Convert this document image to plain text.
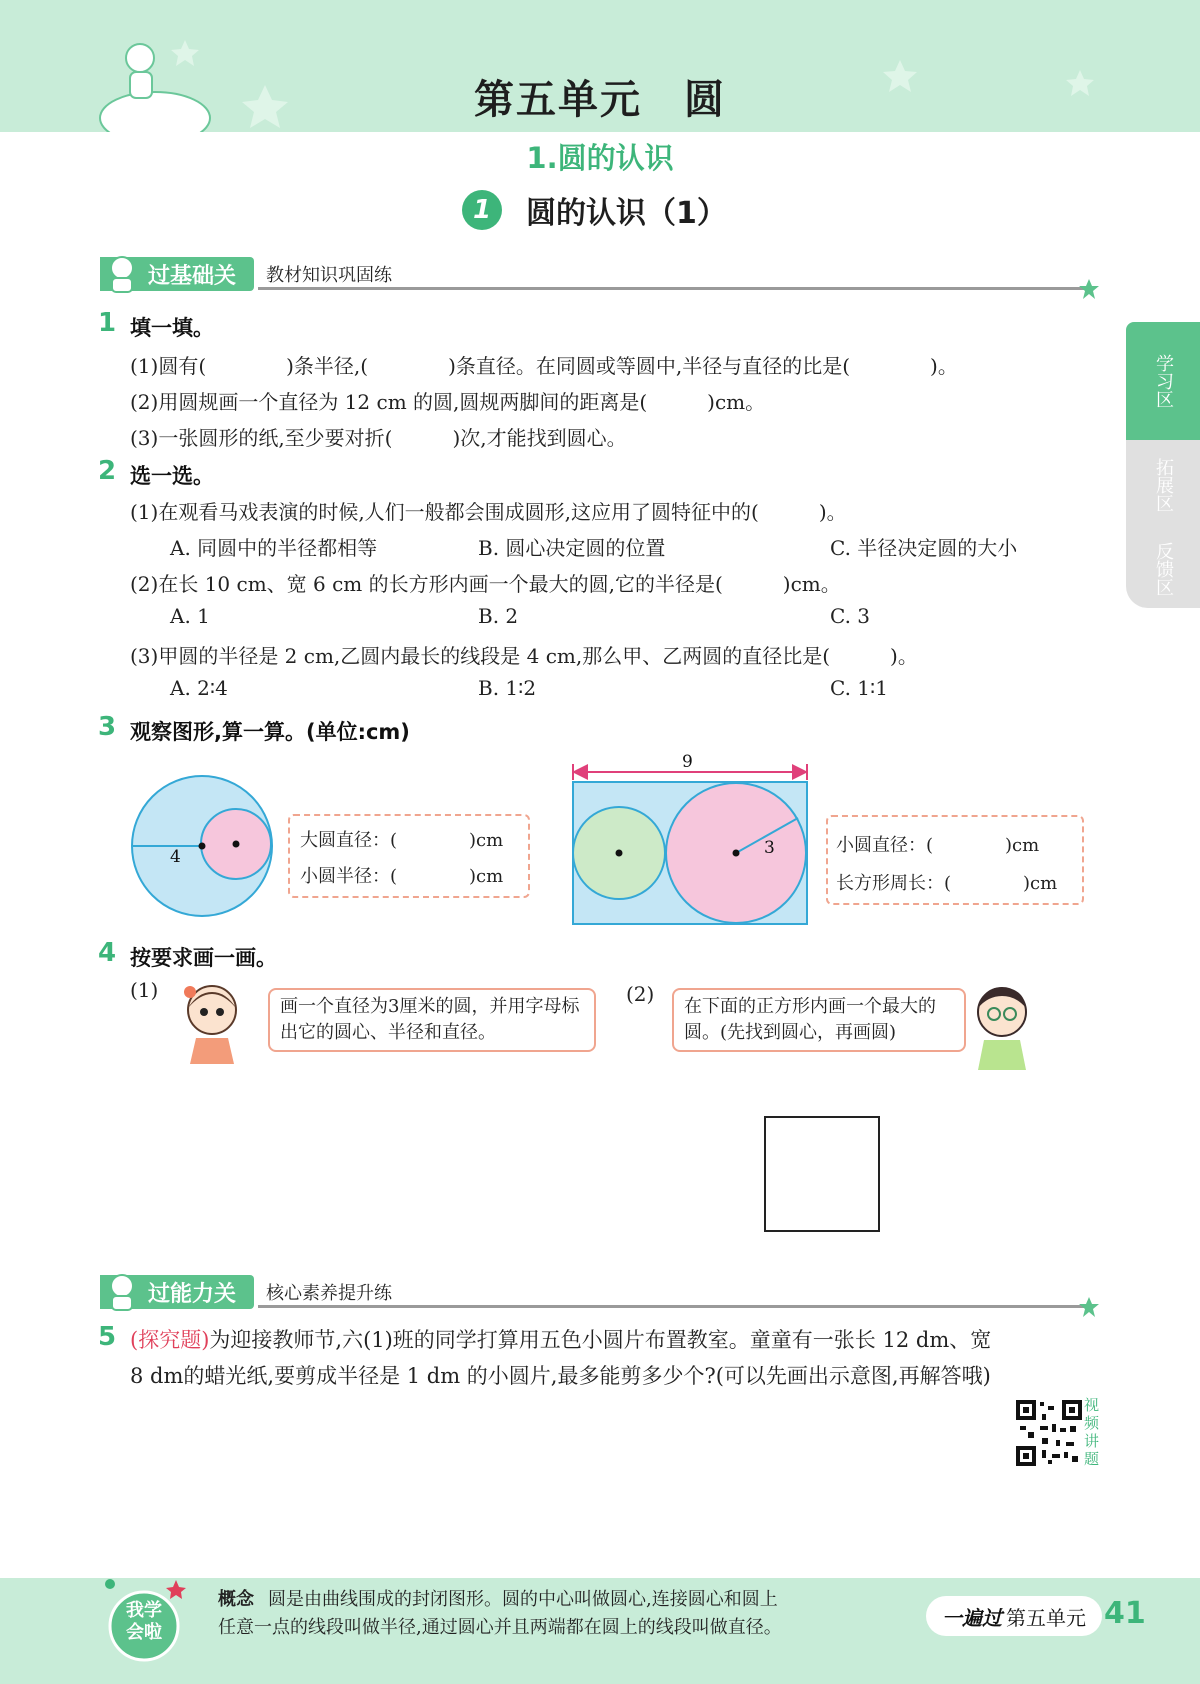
第五单元　圆
1.圆的认识
1	圆的认识（1）
学习区
拓展区
反馈区
过基础关	教材知识巩固练
1 填一填。
(1)圆有(　　　　)条半径,(　　　　)条直径。在同圆或等圆中,半径与直径的比是(　　　　)。
(2)用圆规画一个直径为 12 cm 的圆,圆规两脚间的距离是(　　　)cm。
(3)一张圆形的纸,至少要对折(　　　)次,才能找到圆心。
2 选一选。
(1)在观看马戏表演的时候,人们一般都会围成圆形,这应用了圆特征中的(　　　)。
A. 同圆中的半径都相等	B. 圆心决定圆的位置	C. 半径决定圆的大小
(2)在长 10 cm、宽 6 cm 的长方形内画一个最大的圆,它的半径是(　　　)cm。
A. 1	B. 2	C. 3
(3)甲圆的半径是 2 cm,乙圆内最长的线段是 4 cm,那么甲、乙两圆的直径比是(　　　)。
A. 2∶4	B. 1∶2	C. 1∶1
3 观察图形,算一算。(单位:cm)
4
大圆直径：(　　　　)cm
小圆半径：(　　　　)cm
9
3	小圆直径：(　　　　)cm
长方形周长：(　　　　)cm
4 按要求画一画。
(1)
画一个直径为3厘米的圆，并用字母标出它的圆心、半径和直径。
(2)
在下面的正方形内画一个最大的圆。(先找到圆心，再画圆)
过能力关	核心素养提升练
5 (探究题)为迎接教师节,六(1)班的同学打算用五色小圆片布置教室。童童有一张长 12 dm、宽
8 dm的蜡光纸,要剪成半径是 1 dm 的小圆片,最多能剪多少个?(可以先画出示意图,再解答哦)
视频讲题
我学会啦
概念 圆是由曲线围成的封闭图形。圆的中心叫做圆心,连接圆心和圆上
任意一点的线段叫做半径,通过圆心并且两端都在圆上的线段叫做直径。	一遍过 第五单元 41
